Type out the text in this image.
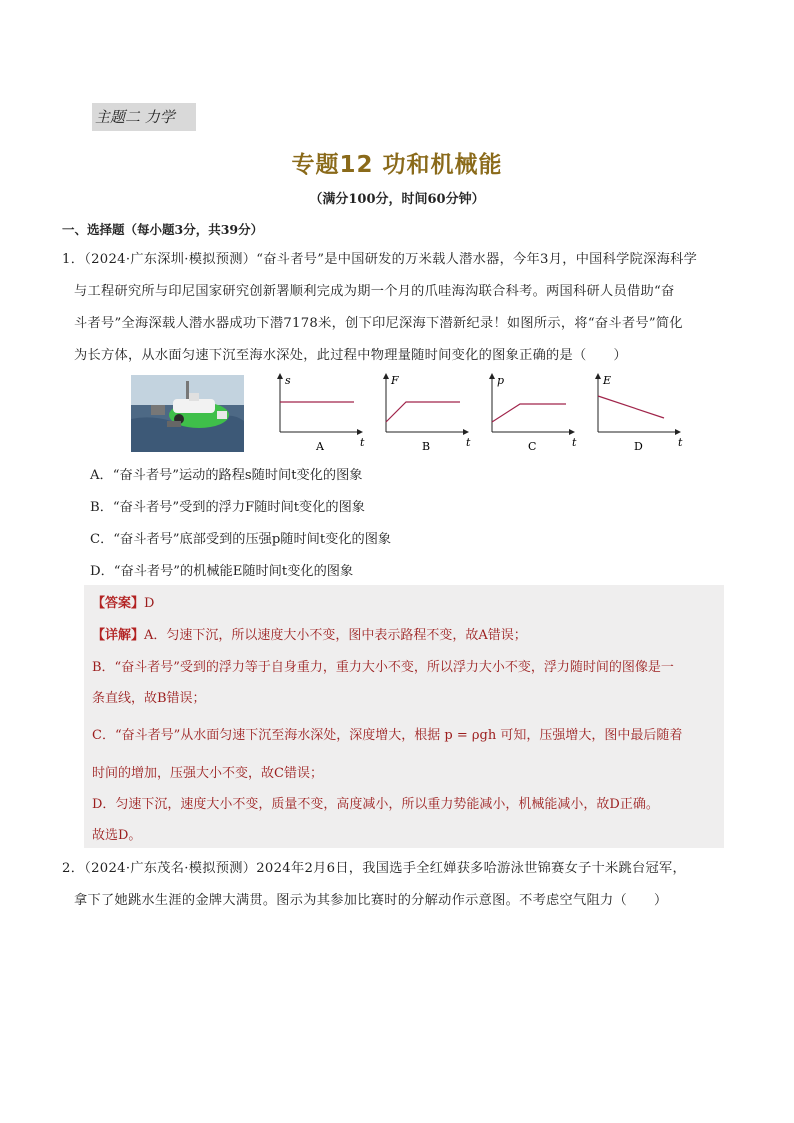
主题二 力学
专题12 功和机械能
（满分100分，时间60分钟）
一、选择题（每小题3分，共39分）
1．（2024·广东深圳·模拟预测）“奋斗者号”是中国研发的万米载人潜水器，今年3月，中国科学院深海科学
与工程研究所与印尼国家研究创新署顺利完成为期一个月的爪哇海沟联合科考。两国科研人员借助“奋
斗者号”全海深载人潜水器成功下潜7178米，创下印尼深海下潜新纪录！如图所示，将“奋斗者号”简化
为长方体，从水面匀速下沉至海水深处，此过程中物理量随时间变化的图象正确的是（　　）
s
t
A
F
t
B
p
t
C
E
t
D
A．“奋斗者号”运动的路程s随时间t变化的图象
B．“奋斗者号”受到的浮力F随时间t变化的图象
C．“奋斗者号”底部受到的压强p随时间t变化的图象
D．“奋斗者号”的机械能E随时间t变化的图象
【答案】D
【详解】A．匀速下沉，所以速度大小不变，图中表示路程不变，故A错误；
B．“奋斗者号”受到的浮力等于自身重力，重力大小不变，所以浮力大小不变，浮力随时间的图像是一
条直线，故B错误；
C．“奋斗者号”从水面匀速下沉至海水深处，深度增大，根据 p = ρgh 可知，压强增大，图中最后随着
时间的增加，压强大小不变，故C错误；
D．匀速下沉，速度大小不变，质量不变，高度减小，所以重力势能减小，机械能减小，故D正确。
故选D。
2．（2024·广东茂名·模拟预测）2024年2月6日，我国选手全红婵获多哈游泳世锦赛女子十米跳台冠军，
拿下了她跳水生涯的金牌大满贯。图示为其参加比赛时的分解动作示意图。不考虑空气阻力（　　）
